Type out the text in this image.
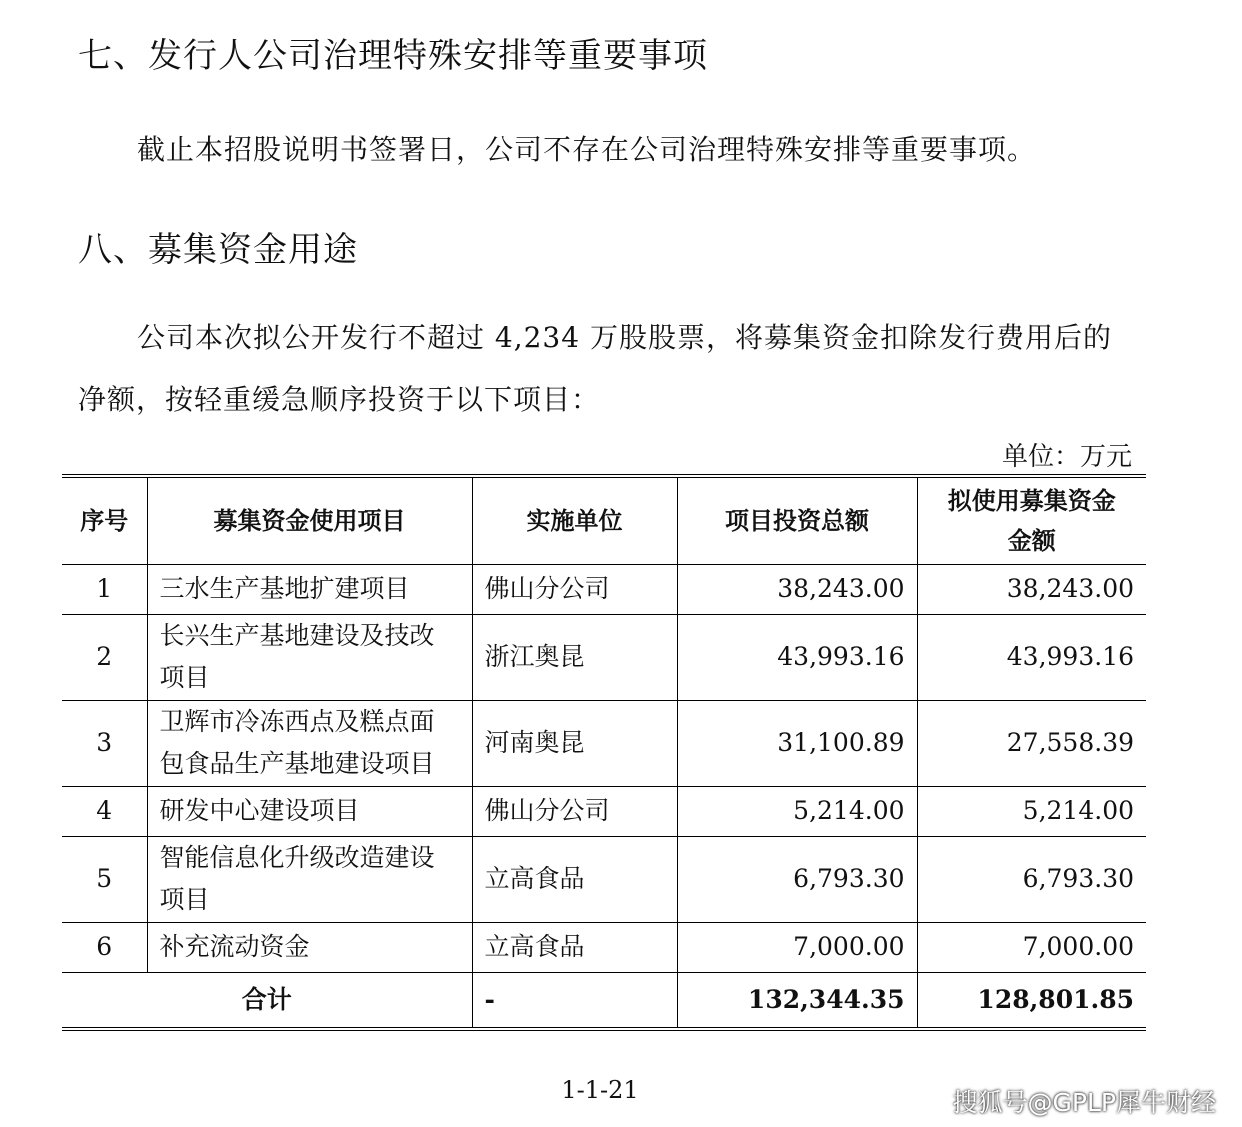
七、发行人公司治理特殊安排等重要事项

截止本招股说明书签署日，公司不存在公司治理特殊安排等重要事项。

八、募集资金用途

公司本次拟公开发行不超过 4,234 万股股票，将募集资金扣除发行费用后的

净额，按轻重缓急顺序投资于以下项目：

单位：万元
序号	募集资金使用项目	实施单位	项目投资总额	拟使用募集资金
金额

1	三水生产基地扩建项目	佛山分公司	38,243.00	38,243.00
2	长兴生产基地建设及技改
项目	浙江奥昆	43,993.16	43,993.16
3	卫辉市冷冻西点及糕点面
包食品生产基地建设项目	河南奥昆	31,100.89	27,558.39
4	研发中心建设项目	佛山分公司	5,214.00	5,214.00
5	智能信息化升级改造建设
项目	立高食品	6,793.30	6,793.30
6	补充流动资金	立高食品	7,000.00	7,000.00
合计		-	132,344.35	128,801.85
1-1-21	搜狐号@GPLP犀牛财经
